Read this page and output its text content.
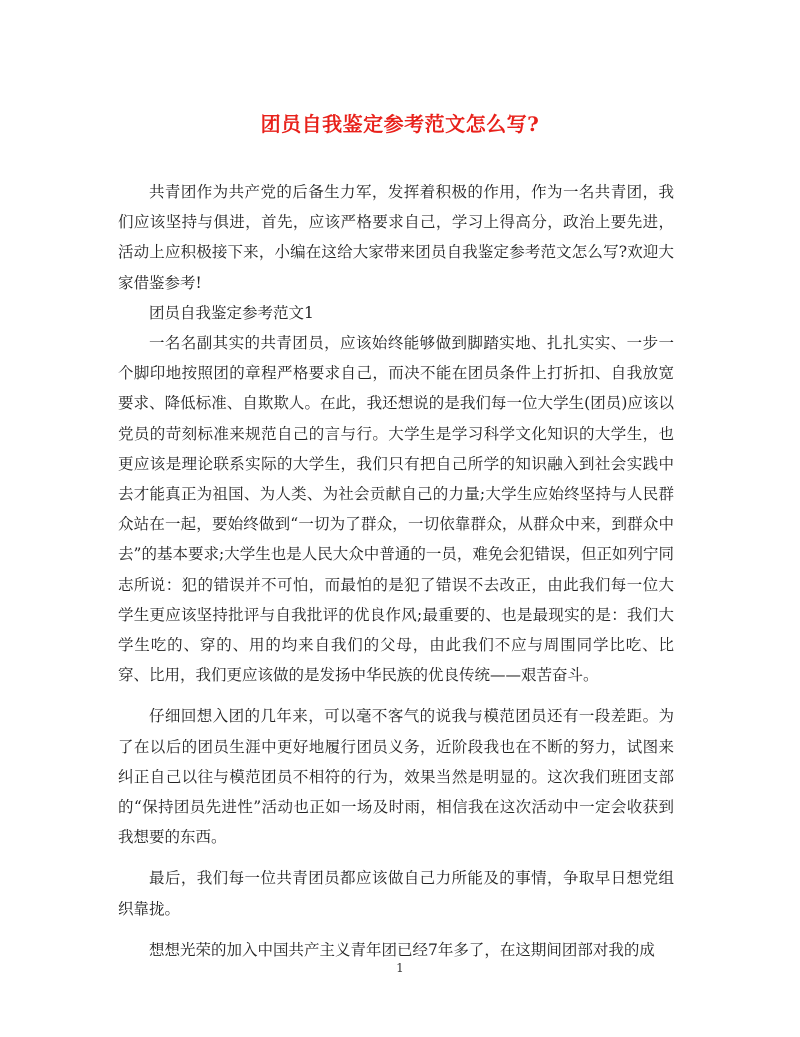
团员自我鉴定参考范文怎么写?

共青团作为共产党的后备生力军，发挥着积极的作用，作为一名共青团，我们应该坚持与俱进，首先，应该严格要求自己，学习上得高分，政治上要先进，活动上应积极接下来，小编在这给大家带来团员自我鉴定参考范文怎么写?欢迎大家借鉴参考!

团员自我鉴定参考范文1

一名名副其实的共青团员，应该始终能够做到脚踏实地、扎扎实实、一步一个脚印地按照团的章程严格要求自己，而决不能在团员条件上打折扣、自我放宽要求、降低标准、自欺欺人。在此，我还想说的是我们每一位大学生(团员)应该以党员的苛刻标准来规范自己的言与行。大学生是学习科学文化知识的大学生，也更应该是理论联系实际的大学生，我们只有把自己所学的知识融入到社会实践中去才能真正为祖国、为人类、为社会贡献自己的力量;大学生应始终坚持与人民群众站在一起，要始终做到“一切为了群众，一切依靠群众，从群众中来，到群众中去”的基本要求;大学生也是人民大众中普通的一员，难免会犯错误，但正如列宁同志所说：犯的错误并不可怕，而最怕的是犯了错误不去改正，由此我们每一位大学生更应该坚持批评与自我批评的优良作风;最重要的、也是最现实的是：我们大学生吃的、穿的、用的均来自我们的父母，由此我们不应与周围同学比吃、比穿、比用，我们更应该做的是发扬中华民族的优良传统——艰苦奋斗。

仔细回想入团的几年来，可以毫不客气的说我与模范团员还有一段差距。为了在以后的团员生涯中更好地履行团员义务，近阶段我也在不断的努力，试图来纠正自己以往与模范团员不相符的行为，效果当然是明显的。这次我们班团支部的“保持团员先进性”活动也正如一场及时雨，相信我在这次活动中一定会收获到我想要的东西。

最后，我们每一位共青团员都应该做自己力所能及的事情，争取早日想党组织靠拢。

想想光荣的加入中国共产主义青年团已经7年多了，在这期间团部对我的成

1
